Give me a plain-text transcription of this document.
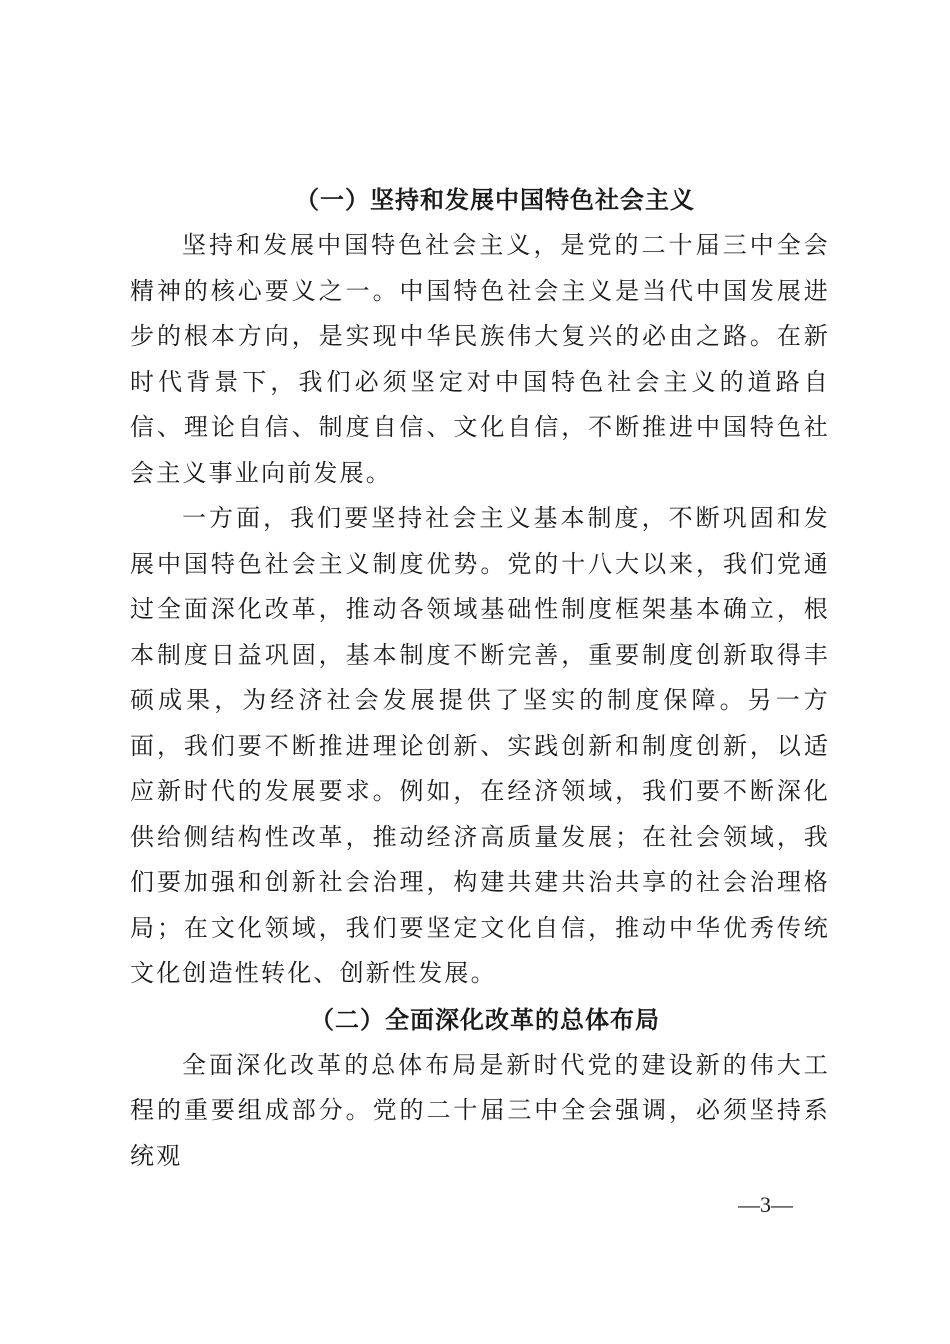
（一）坚持和发展中国特色社会主义

坚持和发展中国特色社会主义，是党的二十届三中全会精神的核心要义之一。中国特色社会主义是当代中国发展进步的根本方向，是实现中华民族伟大复兴的必由之路。在新时代背景下，我们必须坚定对中国特色社会主义的道路自信、理论自信、制度自信、文化自信，不断推进中国特色社会主义事业向前发展。

一方面，我们要坚持社会主义基本制度，不断巩固和发展中国特色社会主义制度优势。党的十八大以来，我们党通过全面深化改革，推动各领域基础性制度框架基本确立，根本制度日益巩固，基本制度不断完善，重要制度创新取得丰硕成果，为经济社会发展提供了坚实的制度保障。另一方面，我们要不断推进理论创新、实践创新和制度创新，以适应新时代的发展要求。例如，在经济领域，我们要不断深化供给侧结构性改革，推动经济高质量发展；在社会领域，我们要加强和创新社会治理，构建共建共治共享的社会治理格局；在文化领域，我们要坚定文化自信，推动中华优秀传统文化创造性转化、创新性发展。

（二）全面深化改革的总体布局

全面深化改革的总体布局是新时代党的建设新的伟大工程的重要组成部分。党的二十届三中全会强调，必须坚持系统观

—3—
